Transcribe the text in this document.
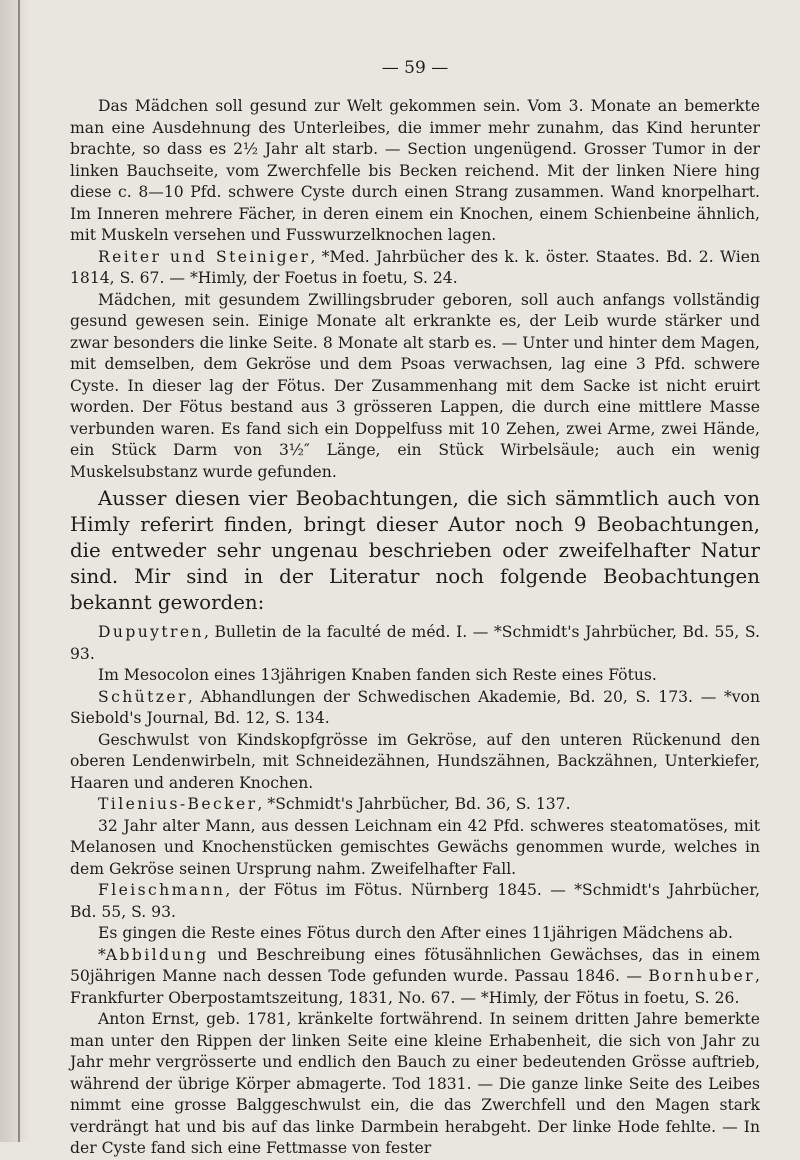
— 59 —

Das Mädchen soll gesund zur Welt gekommen sein. Vom 3. Monate an bemerkte man eine Ausdehnung des Unterleibes, die immer mehr zunahm, das Kind herunter brachte, so dass es 2½ Jahr alt starb. — Section ungenügend. Grosser Tumor in der linken Bauchseite, vom Zwerchfelle bis Becken reichend. Mit der linken Niere hing diese c. 8—10 Pfd. schwere Cyste durch einen Strang zusammen. Wand knorpelhart. Im Inneren mehrere Fächer, in deren einem ein Knochen, einem Schienbeine ähnlich, mit Muskeln versehen und Fusswurzelknochen lagen.

Reiter und Steiniger, *Med. Jahrbücher des k. k. öster. Staates. Bd. 2. Wien 1814, S. 67. — *Himly, der Foetus in foetu, S. 24.

Mädchen, mit gesundem Zwillingsbruder geboren, soll auch anfangs vollständig gesund gewesen sein. Einige Monate alt erkrankte es, der Leib wurde stärker und zwar besonders die linke Seite. 8 Monate alt starb es. — Unter und hinter dem Magen, mit demselben, dem Gekröse und dem Psoas verwachsen, lag eine 3 Pfd. schwere Cyste. In dieser lag der Fötus. Der Zusammenhang mit dem Sacke ist nicht eruirt worden. Der Fötus bestand aus 3 grösseren Lappen, die durch eine mittlere Masse verbunden waren. Es fand sich ein Doppelfuss mit 10 Zehen, zwei Arme, zwei Hände, ein Stück Darm von 3½″ Länge, ein Stück Wirbelsäule; auch ein wenig Muskelsubstanz wurde gefunden.

Ausser diesen vier Beobachtungen, die sich sämmtlich auch von Himly referirt finden, bringt dieser Autor noch 9 Beobachtungen, die entweder sehr ungenau beschrieben oder zweifelhafter Natur sind. Mir sind in der Literatur noch folgende Beobachtungen bekannt geworden:

Dupuytren, Bulletin de la faculté de méd. I. — *Schmidt's Jahrbücher, Bd. 55, S. 93.

Im Mesocolon eines 13jährigen Knaben fanden sich Reste eines Fötus.

Schützer, Abhandlungen der Schwedischen Akademie, Bd. 20, S. 173. — *von Siebold's Journal, Bd. 12, S. 134.

Geschwulst von Kindskopfgrösse im Gekröse, auf den unteren Rückenund den oberen Lendenwirbeln, mit Schneidezähnen, Hundszähnen, Backzähnen, Unterkiefer, Haaren und anderen Knochen.

Tilenius-Becker, *Schmidt's Jahrbücher, Bd. 36, S. 137.

32 Jahr alter Mann, aus dessen Leichnam ein 42 Pfd. schweres steatomatöses, mit Melanosen und Knochenstücken gemischtes Gewächs genommen wurde, welches in dem Gekröse seinen Ursprung nahm. Zweifelhafter Fall.

Fleischmann, der Fötus im Fötus. Nürnberg 1845. — *Schmidt's Jahrbücher, Bd. 55, S. 93.

Es gingen die Reste eines Fötus durch den After eines 11jährigen Mädchens ab.

*Abbildung und Beschreibung eines fötusähnlichen Gewächses, das in einem 50jährigen Manne nach dessen Tode gefunden wurde. Passau 1846. — Bornhuber, Frankfurter Oberpostamtszeitung, 1831, No. 67. — *Himly, der Fötus in foetu, S. 26.

Anton Ernst, geb. 1781, kränkelte fortwährend. In seinem dritten Jahre bemerkte man unter den Rippen der linken Seite eine kleine Erhabenheit, die sich von Jahr zu Jahr mehr vergrösserte und endlich den Bauch zu einer bedeutenden Grösse auftrieb, während der übrige Körper abmagerte. Tod 1831. — Die ganze linke Seite des Leibes nimmt eine grosse Balggeschwulst ein, die das Zwerchfell und den Magen stark verdrängt hat und bis auf das linke Darmbein herabgeht. Der linke Hode fehlte. — In der Cyste fand sich eine Fettmasse von fester
